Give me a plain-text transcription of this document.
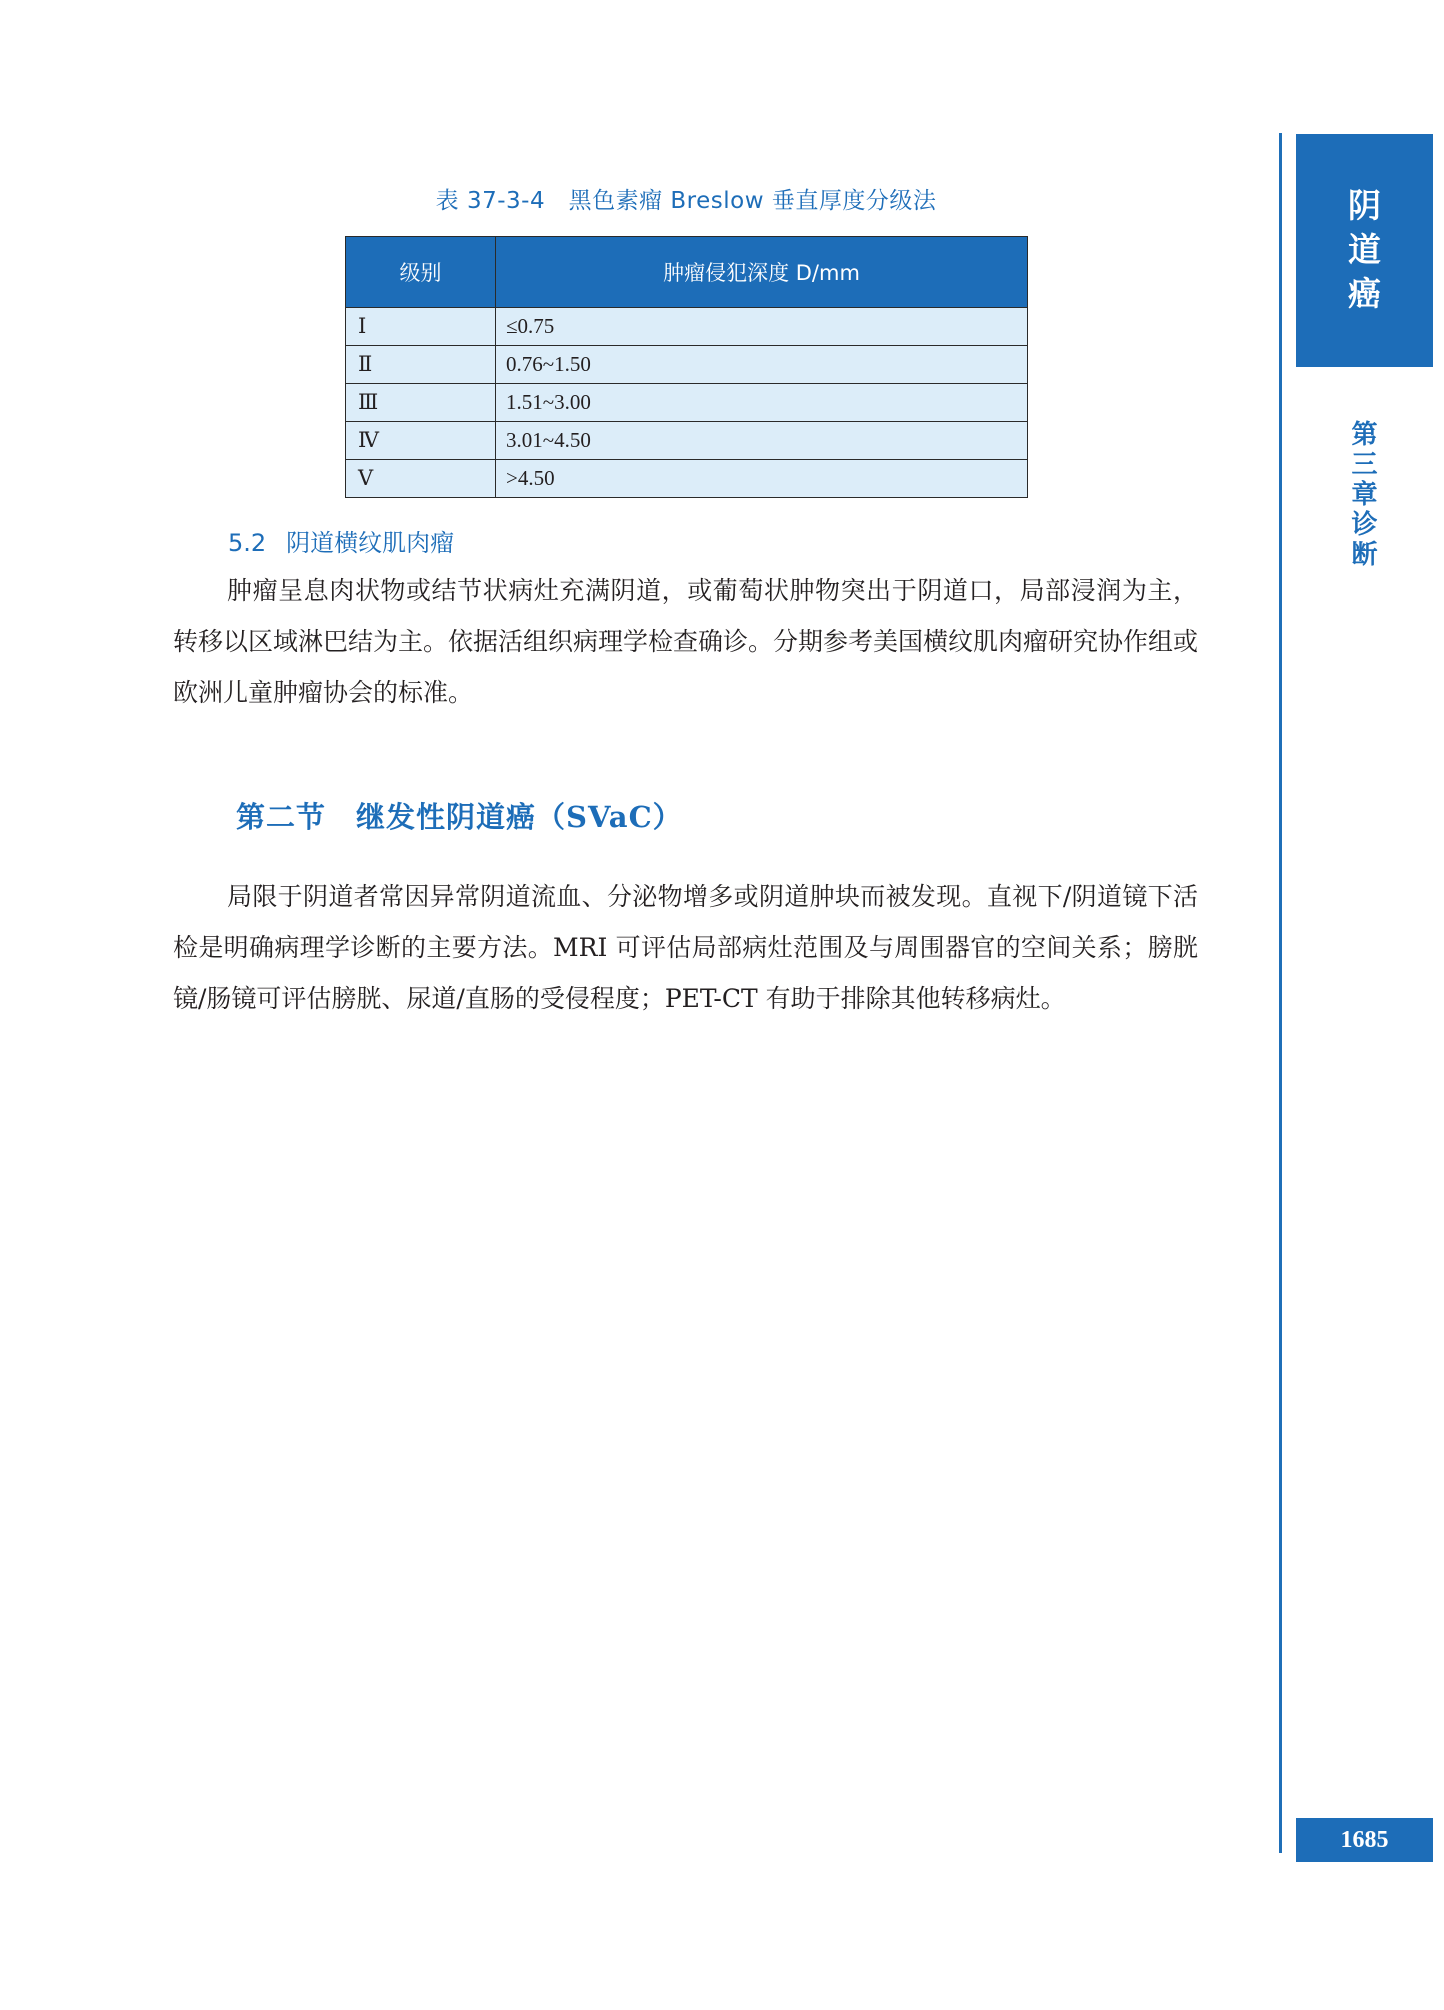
阴道癌
第三章 诊断
1685
表 37-3-4　黑色素瘤 Breslow 垂直厚度分级法
级别	肿瘤侵犯深度 D/mm
Ⅰ	≤0.75
Ⅱ	0.76~1.50
Ⅲ	1.51~3.00
Ⅳ	3.01~4.50
Ⅴ	>4.50
5.2 阴道横纹肌肉瘤

肿瘤呈息肉状物或结节状病灶充满阴道，或葡萄状肿物突出于阴道口，局部浸润为主，转移以区域淋巴结为主。依据活组织病理学检查确诊。分期参考美国横纹肌肉瘤研究协作组或欧洲儿童肿瘤协会的标准。

第二节 继发性阴道癌（SVaC）

局限于阴道者常因异常阴道流血、分泌物增多或阴道肿块而被发现。直视下/阴道镜下活检是明确病理学诊断的主要方法。MRI 可评估局部病灶范围及与周围器官的空间关系；膀胱镜/肠镜可评估膀胱、尿道/直肠的受侵程度；PET-CT 有助于排除其他转移病灶。
